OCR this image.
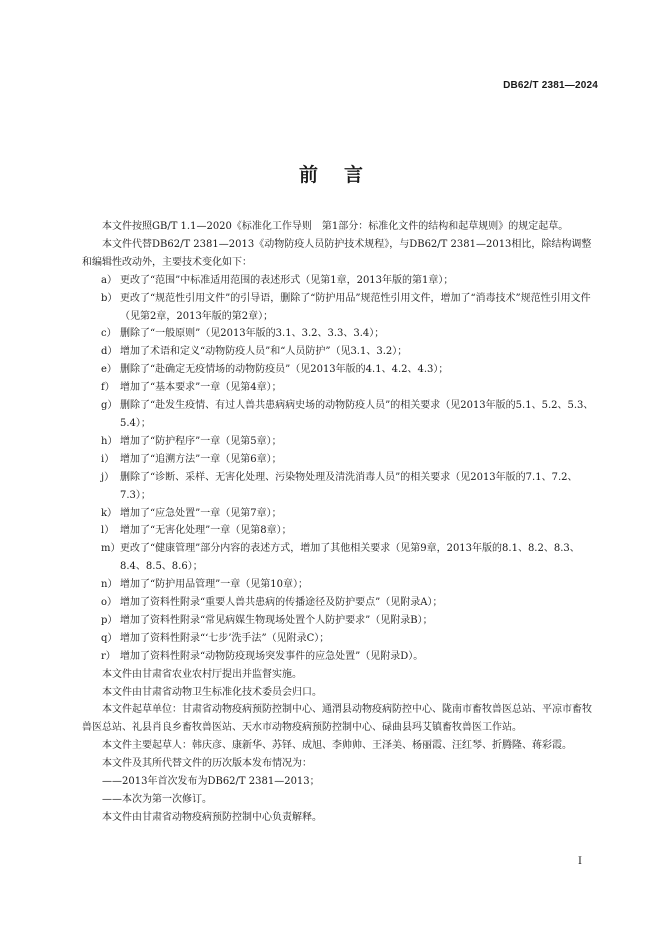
DB62/T 2381—2024
前言

本文件按照GB/T 1.1—2020《标准化工作导则　第1部分：标准化文件的结构和起草规则》的规定起草。

本文件代替DB62/T 2381—2013《动物防疫人员防护技术规程》，与DB62/T 2381—2013相比，除结构调整和编辑性改动外，主要技术变化如下：

a） 更改了“范围”中标准适用范围的表述形式（见第1章，2013年版的第1章）；

b） 更改了“规范性引用文件”的引导语，删除了“防护用品”规范性引用文件，增加了“消毒技术”规范性引用文件（见第2章，2013年版的第2章）；

c） 删除了“一般原则”（见2013年版的3.1、3.2、3.3、3.4）；

d） 增加了术语和定义“动物防疫人员”和“人员防护”（见3.1、3.2）；

e） 删除了“赴确定无疫情场的动物防疫员”（见2013年版的4.1、4.2、4.3）；

f） 增加了“基本要求”一章（见第4章）；

g） 删除了“赴发生疫情、有过人兽共患病病史场的动物防疫人员”的相关要求（见2013年版的5.1、5.2、5.3、5.4）；

h） 增加了“防护程序”一章（见第5章）；

i） 增加了“追溯方法”一章（见第6章）；

j） 删除了“诊断、采样、无害化处理、污染物处理及清洗消毒人员”的相关要求（见2013年版的7.1、7.2、7.3）；

k） 增加了“应急处置”一章（见第7章）；

l） 增加了“无害化处理”一章（见第8章）；

m）更改了“健康管理”部分内容的表述方式，增加了其他相关要求（见第9章，2013年版的8.1、8.2、8.3、8.4、8.5、8.6）；

n） 增加了“防护用品管理”一章（见第10章）；

o） 增加了资料性附录“重要人兽共患病的传播途径及防护要点”（见附录A）；

p） 增加了资料性附录“常见病媒生物现场处置个人防护要求”（见附录B）；

q） 增加了资料性附录“‘七步’洗手法”（见附录C）；

r） 增加了资料性附录“动物防疫现场突发事件的应急处置”（见附录D）。

本文件由甘肃省农业农村厅提出并监督实施。

本文件由甘肃省动物卫生标准化技术委员会归口。

本文件起草单位：甘肃省动物疫病预防控制中心、通渭县动物疫病防控中心、陇南市畜牧兽医总站、平凉市畜牧兽医总站、礼县肖良乡畜牧兽医站、天水市动物疫病预防控制中心、碌曲县玛艾镇畜牧兽医工作站。

本文件主要起草人：韩庆彦、康新华、苏铎、成旭、李帅帅、王泽美、杨丽霞、汪红琴、折腾隆、蒋彩霞。

本文件及其所代替文件的历次版本发布情况为：

——2013年首次发布为DB62/T 2381—2013；

——本次为第一次修订。

本文件由甘肃省动物疫病预防控制中心负责解释。

I
